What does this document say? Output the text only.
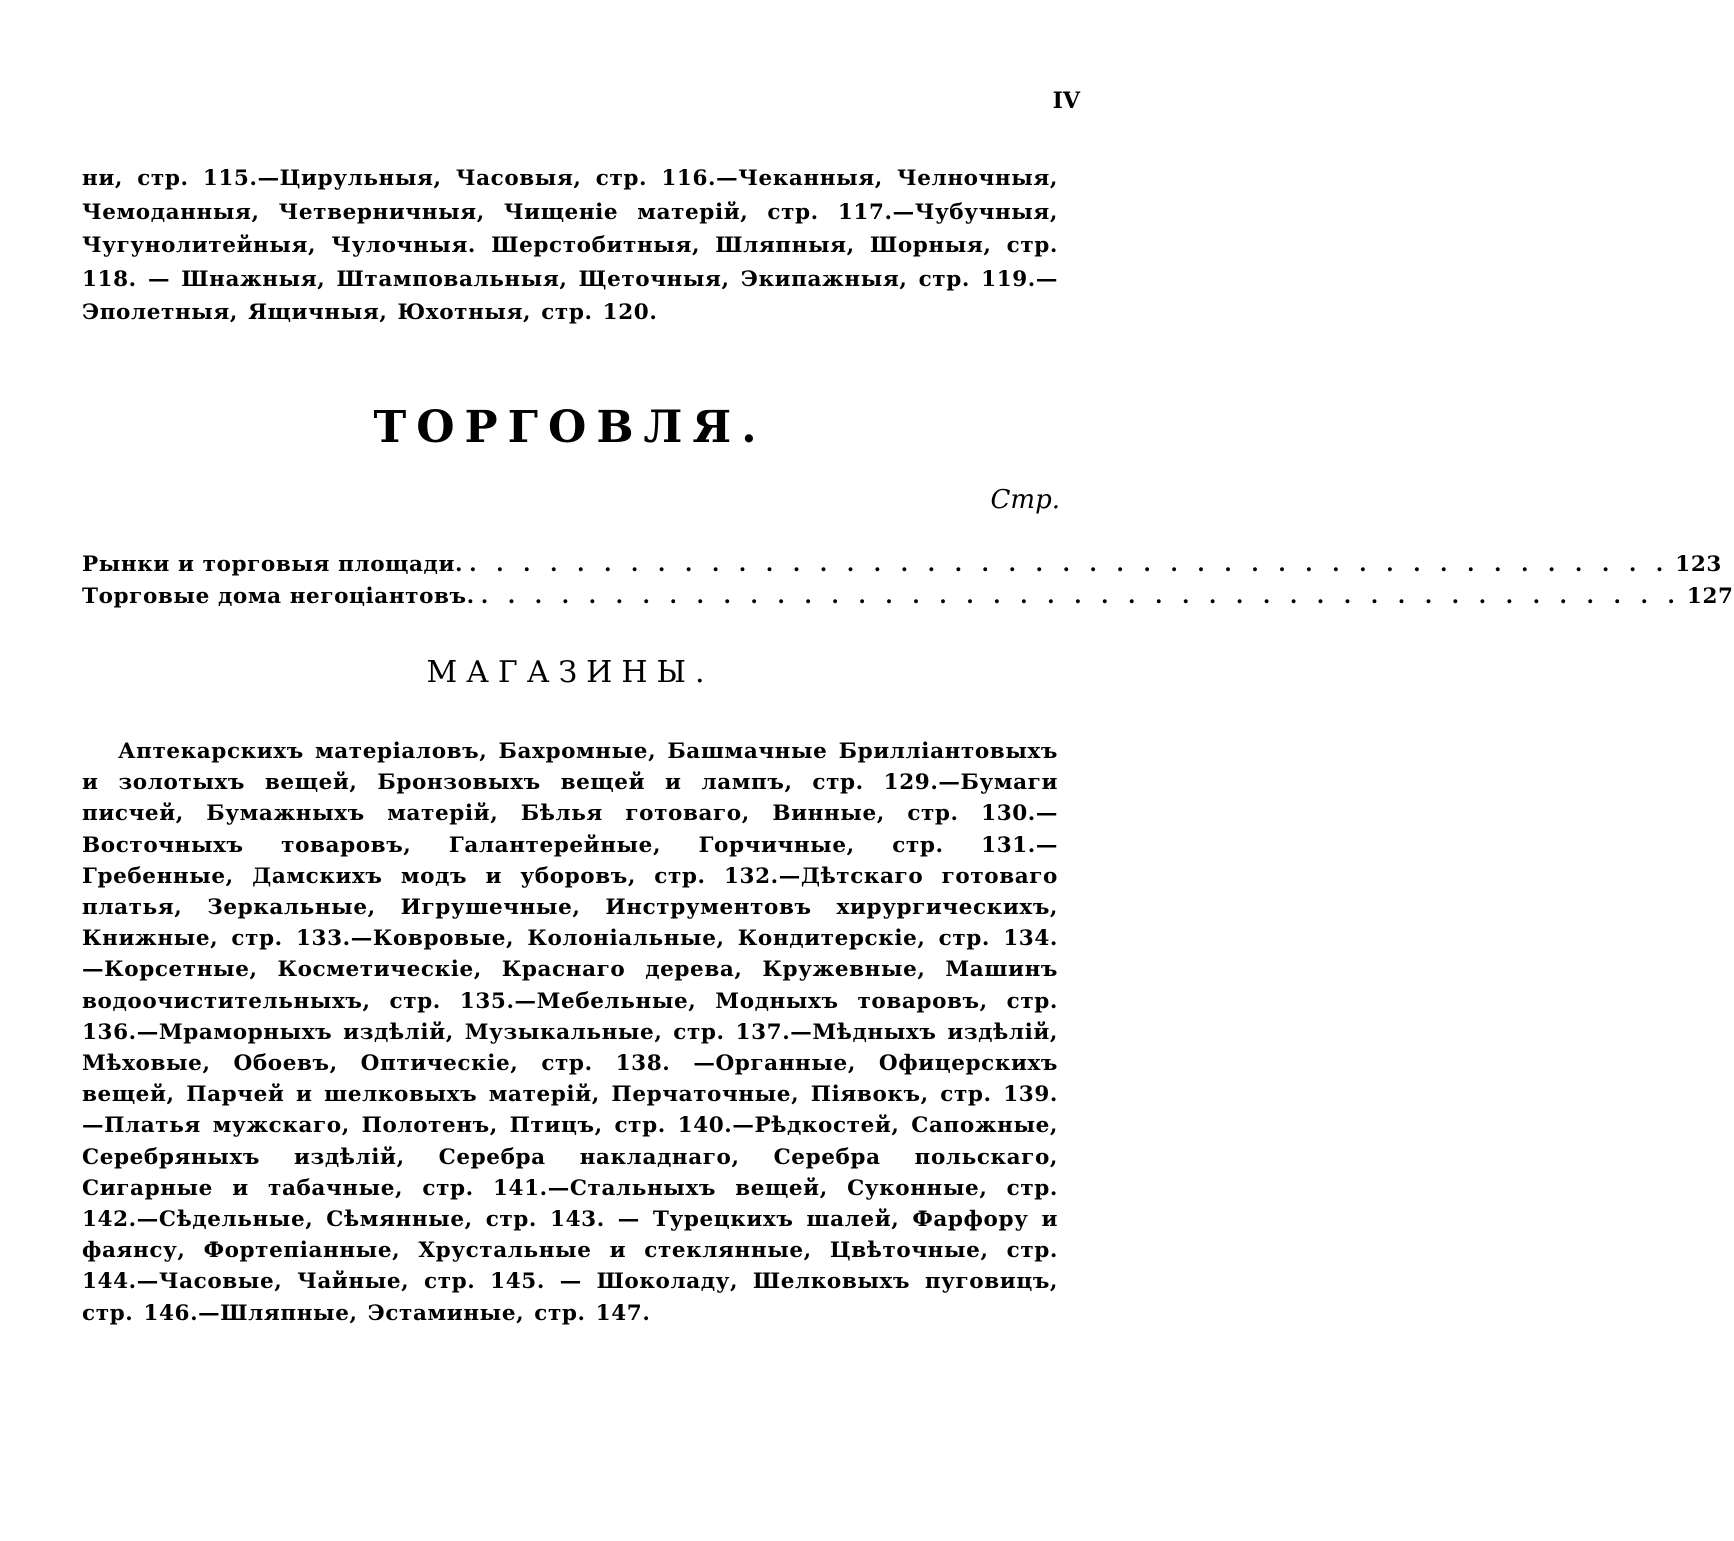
IV

ни, стр. 115.—Цирульныя, Часовыя, стр. 116.—Чеканныя, Челночныя, Чемоданныя, Четверничныя, Чищеніе матерій, стр. 117.—Чубучныя, Чугунолитейныя, Чулочныя. Шерстобитныя, Шляпныя, Шорныя, стр. 118. — Шнажныя, Штамповальныя, Щеточныя, Экипажныя, стр. 119.—Эполетныя, Ящичныя, Юхотныя, стр. 120.

ТОРГОВЛЯ.
Стр.
Рынки и торговыя площади. . . . . . . . . . . . . . . . . . . . . . . . . . . . . . . . . . . . . . . . . . . . . . 123
Торговые дома негоціантовъ. . . . . . . . . . . . . . . . . . . . . . . . . . . . . . . . . . . . . . . . . . . . . . 127
МАГАЗИНЫ.

Аптекарскихъ матеріаловъ, Бахромные, Башмачные Бриллiантовыхъ и золотыхъ вещей, Бронзовыхъ вещей и лампъ, стр. 129.—Бумаги писчей, Бумажныхъ матерій, Бѣлья готоваго, Винные, стр. 130.—Восточныхъ товаровъ, Галантерейные, Горчичные, стр. 131.—Гребенные, Дамскихъ модъ и уборовъ, стр. 132.—Дѣтскаго готоваго платья, Зеркальные, Игрушечные, Инструментовъ хирургическихъ, Книжные, стр. 133.—Ковровые, Колоніальные, Кондитерскіе, стр. 134.—Корсетные, Косметическіе, Краснаго дерева, Кружевные, Машинъ водоочистительныхъ, стр. 135.—Мебельные, Модныхъ товаровъ, стр. 136.—Мраморныхъ издѣлій, Музыкальные, стр. 137.—Мѣдныхъ издѣлій, Мѣховые, Обоевъ, Оптическіе, стр. 138. —Органные, Офицерскихъ вещей, Парчей и шелковыхъ матерій, Перчаточные, Пiявокъ, стр. 139. —Платья мужскаго, Полотенъ, Птицъ, стр. 140.—Рѣдкостей, Сапожные, Серебряныхъ издѣлій, Серебра накладнаго, Серебра польскаго, Сигарные и табачные, стр. 141.—Стальныхъ вещей, Суконные, стр. 142.—Сѣдельные, Сѣмянные, стр. 143. — Турецкихъ шалей, Фарфору и фаянсу, Фортепіанные, Хрустальные и стеклянные, Цвѣточные, стр. 144.—Часовые, Чайные, стр. 145. — Шоколаду, Шелковыхъ пуговицъ, стр. 146.—Шляпные, Эстаминые, стр. 147.
